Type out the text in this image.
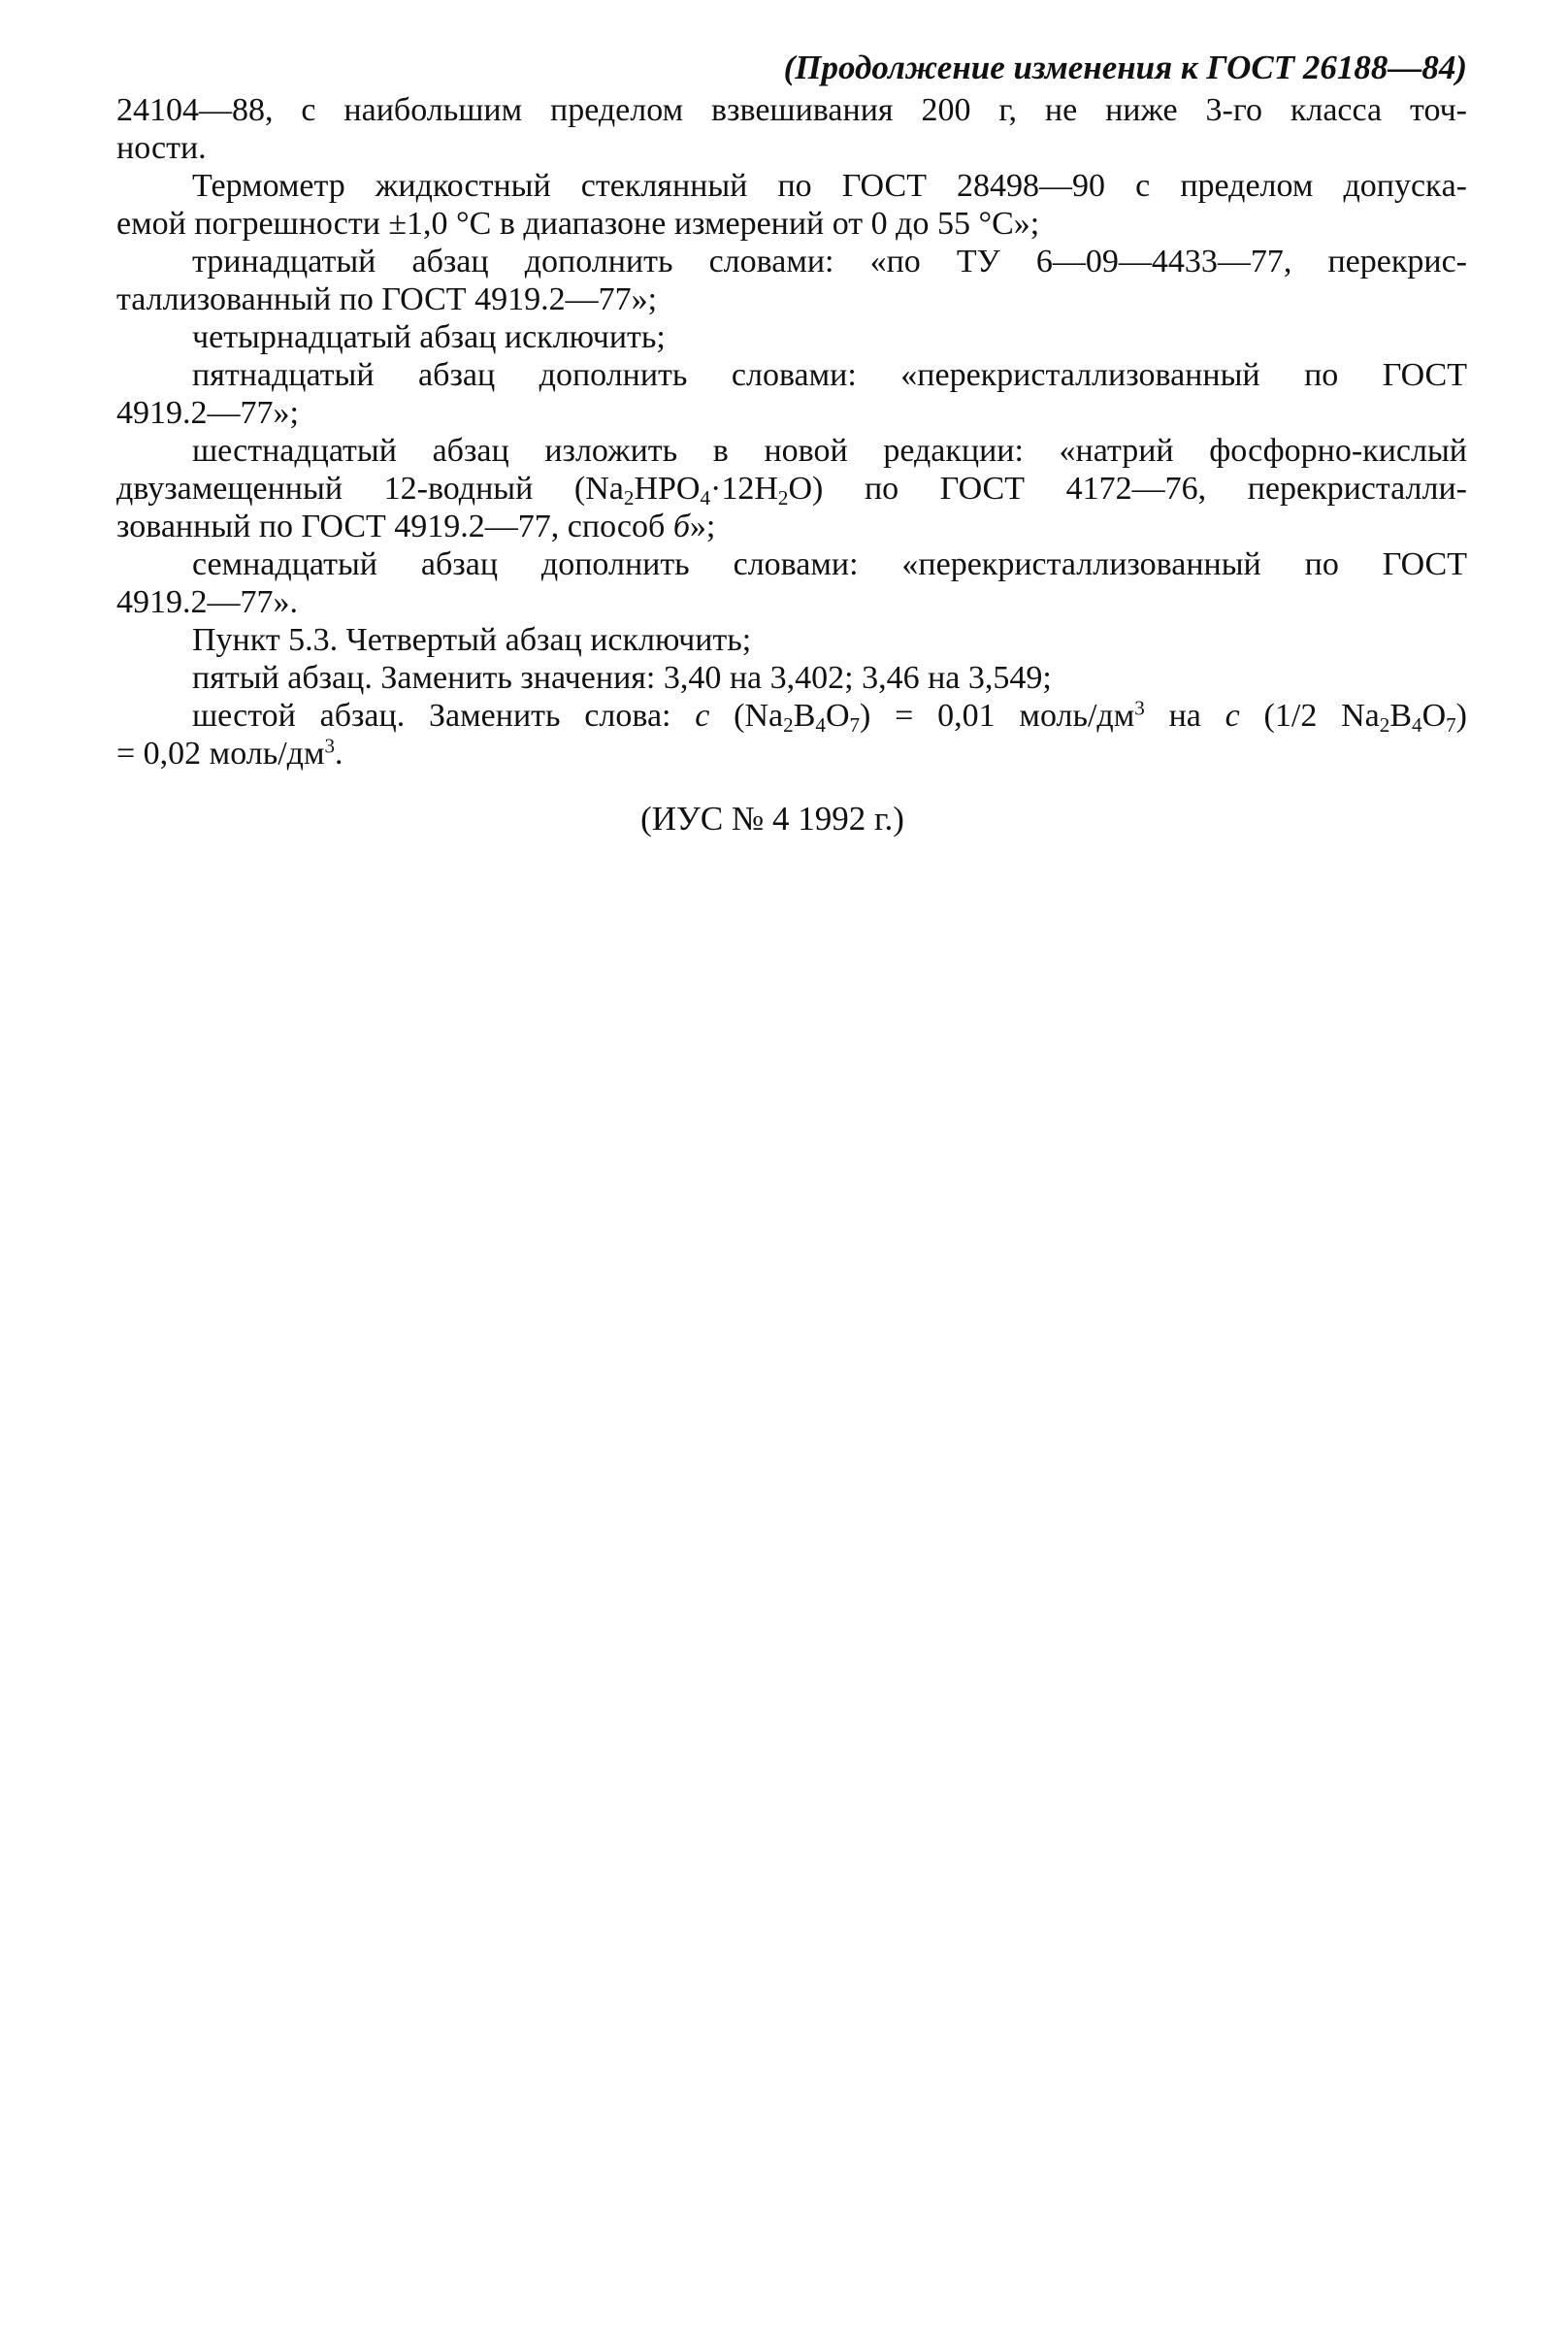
(Продолжение изменения к ГОСТ 26188—84)

24104—88, с наибольшим пределом взвешивания 200 г, не ниже 3-го класса точ-
ности.

Термометр жидкостный стеклянный по ГОСТ 28498—90 с пределом допускa-
емой погрешности ±1,0 °С в диапазоне измерений от 0 до 55 °С»;

тринадцатый абзац дополнить словами: «по ТУ 6—09—4433—77, перекрис-
таллизованный по ГОСТ 4919.2—77»;

четырнадцатый абзац исключить;

пятнадцатый абзац дополнить словами: «перекристаллизованный по ГОСТ
4919.2—77»;

шестнадцатый абзац изложить в новой редакции: «натрий фосфорно-кислый
двузамещенный 12-водный $(Na_2HPO_4\cdot 12H_2O)$ по ГОСТ 4172—76, перекристалли-
зованный по ГОСТ 4919.2—77, способ б»;

семнадцатый абзац дополнить словами: «перекристаллизованный по ГОСТ
4919.2—77».

Пункт 5.3. Четвертый абзац исключить;

пятый абзац. Заменить значения: 3,40 на 3,402; 3,46 на 3,549;

шестой абзац. Заменить слова: с $(Na_2B_4O_7) = 0,01$ моль/$дм^3$ на с (1/2 $Na_2B_4O_7$)
= 0,02 моль/$дм^3$.

(ИУС № 4 1992 г.)
